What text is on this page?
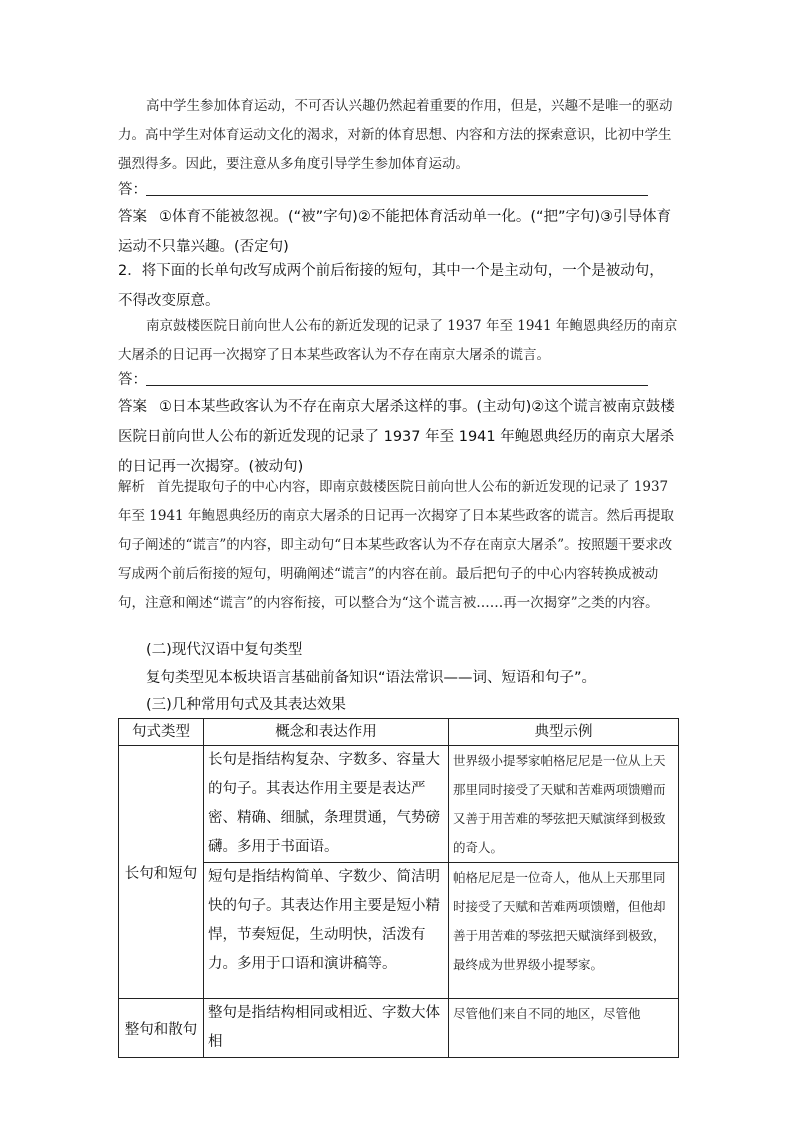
高中学生参加体育运动，不可否认兴趣仍然起着重要的作用，但是，兴趣不是唯一的驱动力。高中学生对体育运动文化的渴求，对新的体育思想、内容和方法的探索意识，比初中学生强烈得多。因此，要注意从多角度引导学生参加体育运动。
答：
答案 ①体育不能被忽视。(“被”字句)②不能把体育活动单一化。(“把”字句)③引导体育运动不只靠兴趣。(否定句)
2．将下面的长单句改写成两个前后衔接的短句，其中一个是主动句，一个是被动句，不得改变原意。
南京鼓楼医院日前向世人公布的新近发现的记录了 1937 年至 1941 年鲍恩典经历的南京大屠杀的日记再一次揭穿了日本某些政客认为不存在南京大屠杀的谎言。
答：
答案 ①日本某些政客认为不存在南京大屠杀这样的事。(主动句)②这个谎言被南京鼓楼医院日前向世人公布的新近发现的记录了 1937 年至 1941 年鲍恩典经历的南京大屠杀的日记再一次揭穿。(被动句)
解析 首先提取句子的中心内容，即南京鼓楼医院日前向世人公布的新近发现的记录了 1937 年至 1941 年鲍恩典经历的南京大屠杀的日记再一次揭穿了日本某些政客的谎言。然后再提取句子阐述的“谎言”的内容，即主动句“日本某些政客认为不存在南京大屠杀”。按照题干要求改写成两个前后衔接的短句，明确阐述“谎言”的内容在前。最后把句子的中心内容转换成被动句，注意和阐述“谎言”的内容衔接，可以整合为“这个谎言被……再一次揭穿”之类的内容。
(二)现代汉语中复句类型
复句类型见本板块语言基础前备知识“语法常识——词、短语和句子”。
(三)几种常用句式及其表达效果
句式类型	概念和表达作用	典型示例
长句和短句	长句是指结构复杂、字数多、容量大的句子。其表达作用主要是表达严密、精确、细腻，条理贯通，气势磅礴。多用于书面语。	世界级小提琴家帕格尼尼是一位从上天那里同时接受了天赋和苦难两项馈赠而又善于用苦难的琴弦把天赋演绎到极致的奇人。
	短句是指结构简单、字数少、简洁明快的句子。其表达作用主要是短小精悍，节奏短促，生动明快，活泼有力。多用于口语和演讲稿等。	帕格尼尼是一位奇人，他从上天那里同时接受了天赋和苦难两项馈赠，但他却善于用苦难的琴弦把天赋演绎到极致，最终成为世界级小提琴家。
整句和散句	整句是指结构相同或相近、字数大体相	尽管他们来自不同的地区，尽管他
